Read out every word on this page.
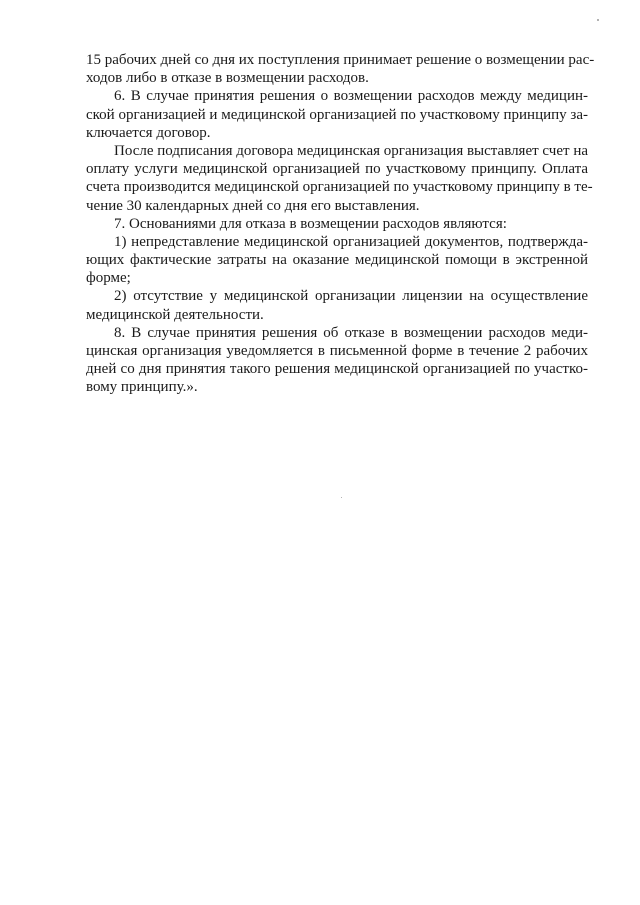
15 рабочих дней со дня их поступления принимает решение о возмещении рас-
ходов либо в отказе в возмещении расходов.
6. В случае принятия решения о возмещении расходов между медицин-
ской организацией и медицинской организацией по участковому принципу за-
ключается договор.
После подписания договора медицинская организация выставляет счет на
оплату услуги медицинской организацией по участковому принципу. Оплата
счета производится медицинской организацией по участковому принципу в те-
чение 30 календарных дней со дня его выставления.
7. Основаниями для отказа в возмещении расходов являются:
1) непредставление медицинской организацией документов, подтвержда-
ющих фактические затраты на оказание медицинской помощи в экстренной
форме;
2) отсутствие у медицинской организации лицензии на осуществление
медицинской деятельности.
8. В случае принятия решения об отказе в возмещении расходов меди-
цинская организация уведомляется в письменной форме в течение 2 рабочих
дней со дня принятия такого решения медицинской организацией по участко-
вому принципу.».
